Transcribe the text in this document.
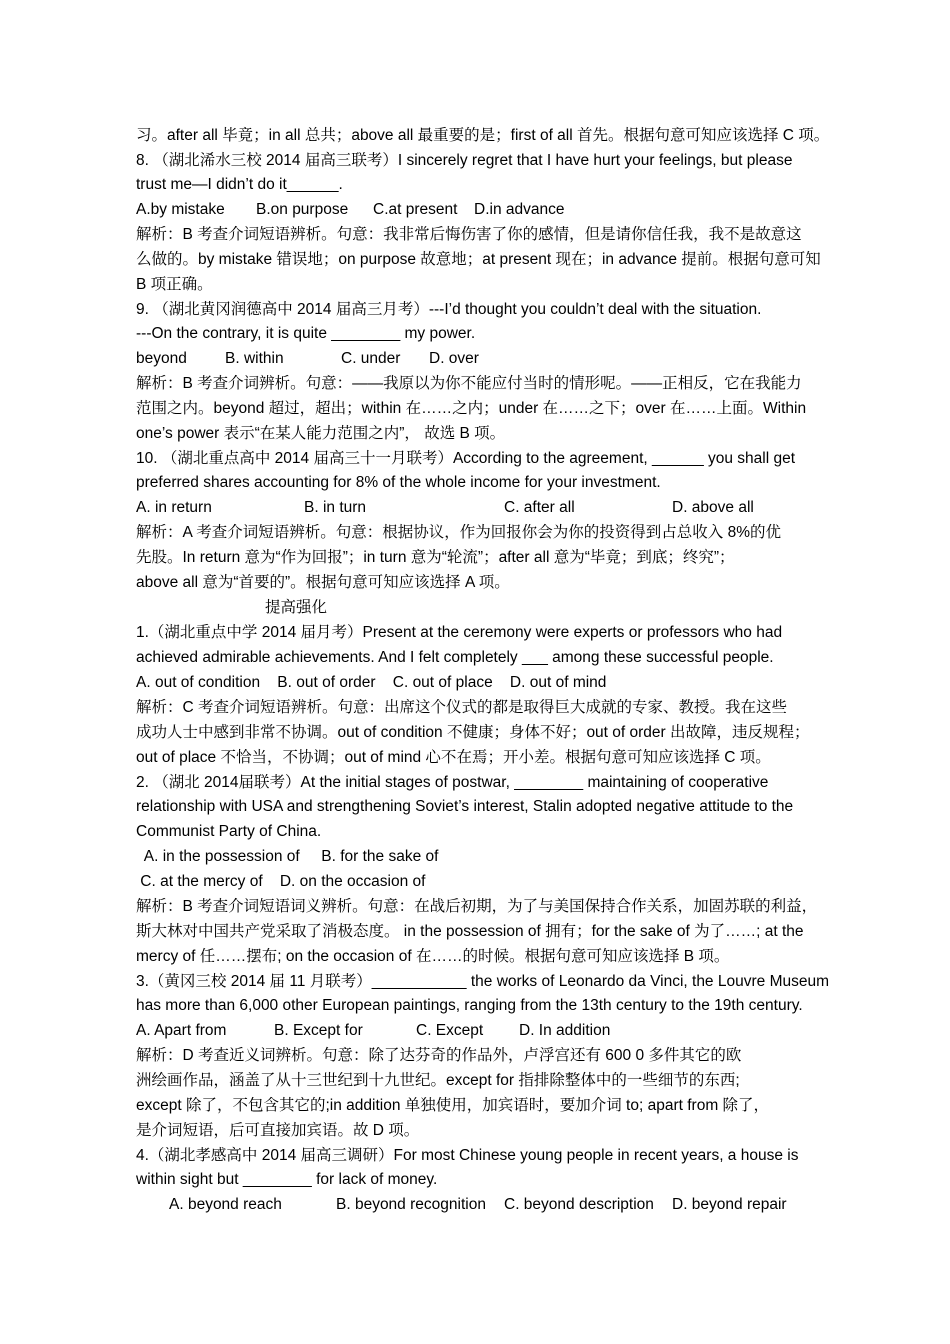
习。after all 毕竟；in all 总共；above all 最重要的是；first of all 首先。根据句意可知应该选择 C 项。

8. （湖北浠水三校 2014 届高三联考）I sincerely regret that I have hurt your feelings, but please

trust me—I didn’t do it______.

A.by mistake B.on purpose C.at present D.in advance

解析：B 考查介词短语辨析。句意：我非常后悔伤害了你的感情，但是请你信任我，我不是故意这

么做的。by mistake 错误地；on purpose 故意地；at present 现在；in advance 提前。根据句意可知

B 项正确。

9. （湖北黄冈润德高中 2014 届高三月考）---I’d thought you couldn’t deal with the situation.

---On the contrary, it is quite ________ my power.

beyond B. within	C. under D. over

解析：B 考查介词辨析。句意：——我原以为你不能应付当时的情形呢。——正相反，它在我能力

范围之内。beyond 超过，超出；within 在……之内；under 在……之下；over 在……上面。Within

one’s power 表示“在某人能力范围之内”， 故选 B 项。

10. （湖北重点高中 2014 届高三十一月联考）According to the agreement, ______ you shall get

preferred shares accounting for 8% of the whole income for your investment.

A. in return	B. in turn	C. after all	D. above all

解析：A 考查介词短语辨析。句意：根据协议，作为回报你会为你的投资得到占总收入 8%的优

先股。In return 意为“作为回报”；in turn 意为“轮流”；after all 意为“毕竟；到底；终究”；

above all 意为“首要的”。根据句意可知应该选择 A 项。

提高强化

1.（湖北重点中学 2014 届月考）Present at the ceremony were experts or professors who had

achieved admirable achievements. And I felt completely ___ among these successful people.

A. out of condition    B. out of order    C. out of place    D. out of mind

解析：C 考查介词短语辨析。句意：出席这个仪式的都是取得巨大成就的专家、教授。我在这些

成功人士中感到非常不协调。out of condition 不健康；身体不好；out of order 出故障，违反规程；

out of place 不恰当，不协调；out of mind 心不在焉；开小差。根据句意可知应该选择 C 项。

2. （湖北 2014届联考）At the initial stages of postwar, ________ maintaining of cooperative

relationship with USA and strengthening Soviet’s interest, Stalin adopted negative attitude to the

Communist Party of China.

A. in the possession of     B. for the sake of

C. at the mercy of    D. on the occasion of

解析：B 考查介词短语词义辨析。句意：在战后初期，为了与美国保持合作关系，加固苏联的利益，

斯大林对中国共产党采取了消极态度。 in the possession of 拥有；for the sake of 为了……; at the

mercy of 任……摆布; on the occasion of 在……的时候。根据句意可知应该选择 B 项。

3.（黄冈三校 2014 届 11 月联考）___________ the works of Leonardo da Vinci, the Louvre Museum

has more than 6,000 other European paintings, ranging from the 13th century to the 19th century.

A. Apart from	B. Except for	C. Except D. In addition

解析：D 考查近义词辨析。句意：除了达芬奇的作品外，卢浮宫还有 600 0 多件其它的欧

洲绘画作品，涵盖了从十三世纪到十九世纪。except for 指排除整体中的一些细节的东西;

except 除了，不包含其它的;in addition 单独使用，加宾语时，要加介词 to; apart from 除了，

是介词短语，后可直接加宾语。故 D 项。

4.（湖北孝感高中 2014 届高三调研）For most Chinese young people in recent years, a house is

within sight but ________ for lack of money.

A. beyond reach	B. beyond recognition C. beyond description D. beyond repair
